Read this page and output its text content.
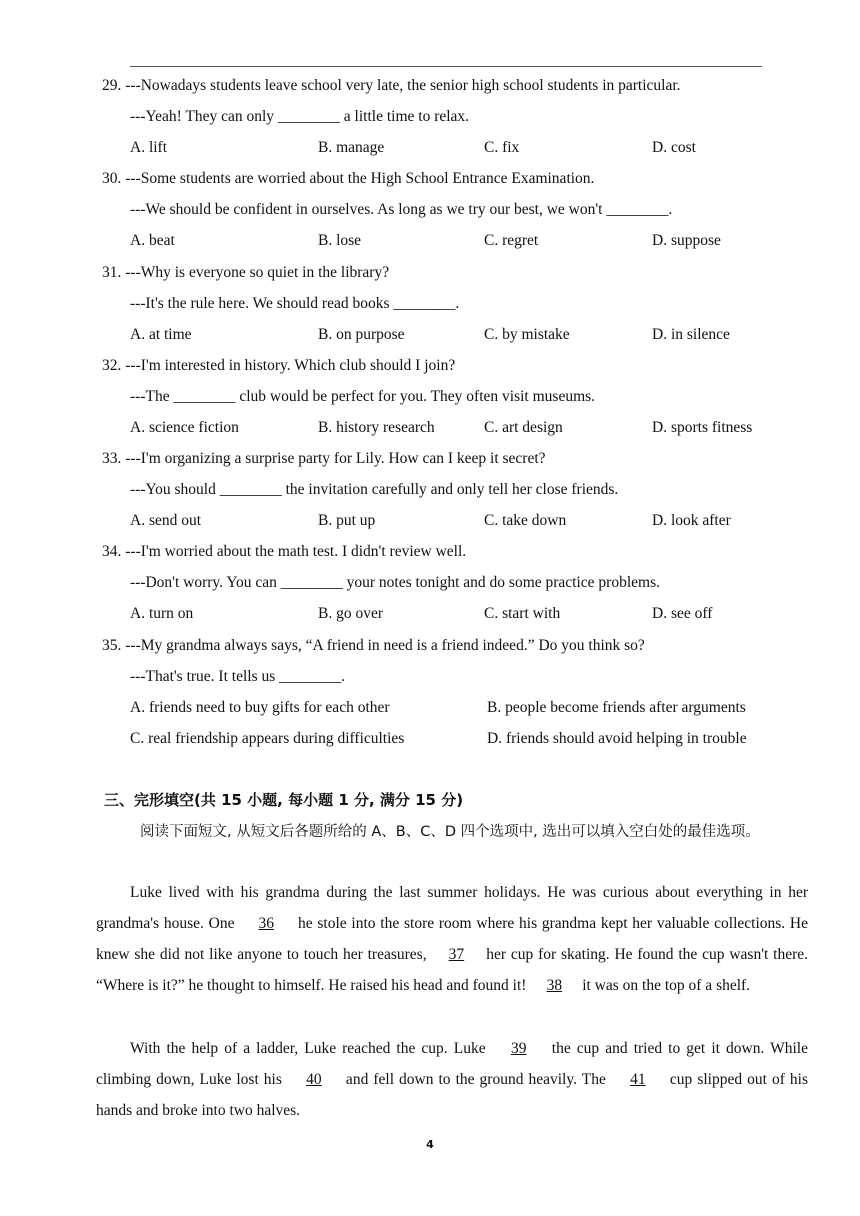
29. ---Nowadays students leave school very late, the senior high school students in particular.
---Yeah! They can only ________ a little time to relax.
A. lift	B. manage	C. fix	D. cost
30. ---Some students are worried about the High School Entrance Examination.
---We should be confident in ourselves. As long as we try our best, we won't ________.
A. beat	B. lose	C. regret	D. suppose
31. ---Why is everyone so quiet in the library?
---It's the rule here. We should read books ________.
A. at time	B. on purpose	C. by mistake	D. in silence
32. ---I'm interested in history. Which club should I join?
---The ________ club would be perfect for you. They often visit museums.
A. science fiction	B. history research	C. art design	D. sports fitness
33. ---I'm organizing a surprise party for Lily. How can I keep it secret?
---You should ________ the invitation carefully and only tell her close friends.
A. send out	B. put up	C. take down	D. look after
34. ---I'm worried about the math test. I didn't review well.
---Don't worry. You can ________ your notes tonight and do some practice problems.
A. turn on	B. go over	C. start with	D. see off
35. ---My grandma always says, “A friend in need is a friend indeed.” Do you think so?
---That's true. It tells us ________.
A. friends need to buy gifts for each other	B. people become friends after arguments
C. real friendship appears during difficulties	D. friends should avoid helping in trouble
三、完形填空(共 15 小题, 每小题 1 分, 满分 15 分)
阅读下面短文, 从短文后各题所给的 A、B、C、D 四个选项中, 选出可以填入空白处的最佳选项。
Luke lived with his grandma during the last summer holidays. He was curious about everything in her grandma's house. One 36 he stole into the store room where his grandma kept her valuable collections. He knew she did not like anyone to touch her treasures, 37 her cup for skating. He found the cup wasn't there. “Where is it?” he thought to himself. He raised his head and found it! 38 it was on the top of a shelf.
With the help of a ladder, Luke reached the cup. Luke 39 the cup and tried to get it down. While climbing down, Luke lost his 40 and fell down to the ground heavily. The 41 cup slipped out of his hands and broke into two halves.
4
